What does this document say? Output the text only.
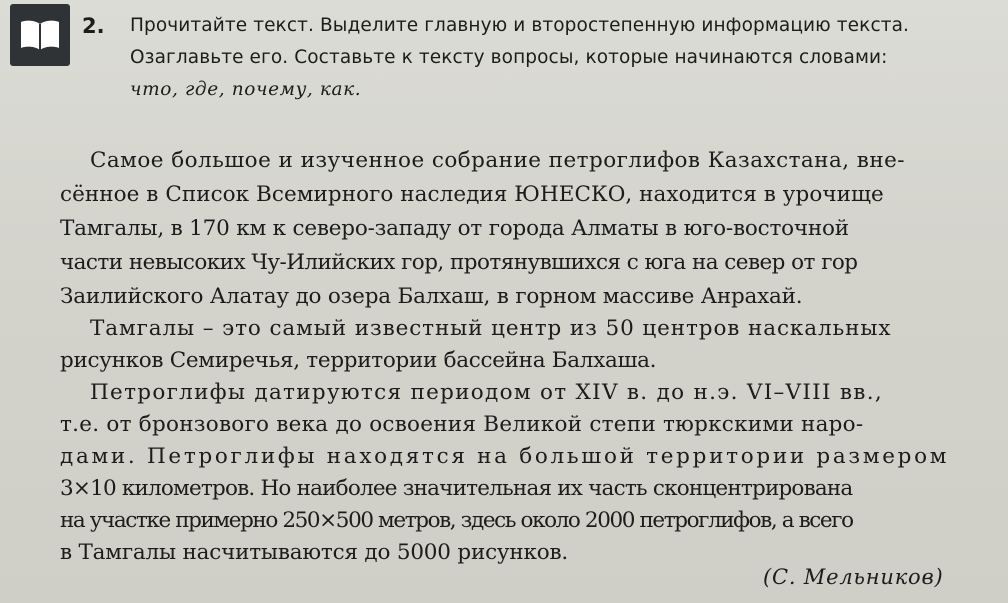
2. Прочитайте текст. Выделите главную и второстепенную информацию текста.
Озаглавьте его. Составьте к тексту вопросы, которые начинаются словами:
что, где, почему, как.
Самое большое и изученное собрание петроглифов Казахстана, вне-
сённое в Список Всемирного наследия ЮНЕСКО, находится в урочище
Тамгалы, в 170 км к северо-западу от города Алматы в юго-восточной
части невысоких Чу-Илийских гор, протянувшихся с юга на север от гор
Заилийского Алатау до озера Балхаш, в горном массиве Анрахай.
Тамгалы – это самый известный центр из 50 центров наскальных
рисунков Семиречья, территории бассейна Балхаша.
Петроглифы датируются периодом от XIV в. до н.э. VI–VIII вв.,
т.е. от бронзового века до освоения Великой степи тюркскими наро-
дами. Петроглифы находятся на большой территории размером
3×10 километров. Но наиболее значительная их часть сконцентрирована
на участке примерно 250×500 метров, здесь около 2000 петроглифов, а всего
в Тамгалы насчитываются до 5000 рисунков.
(С. Мельников)
